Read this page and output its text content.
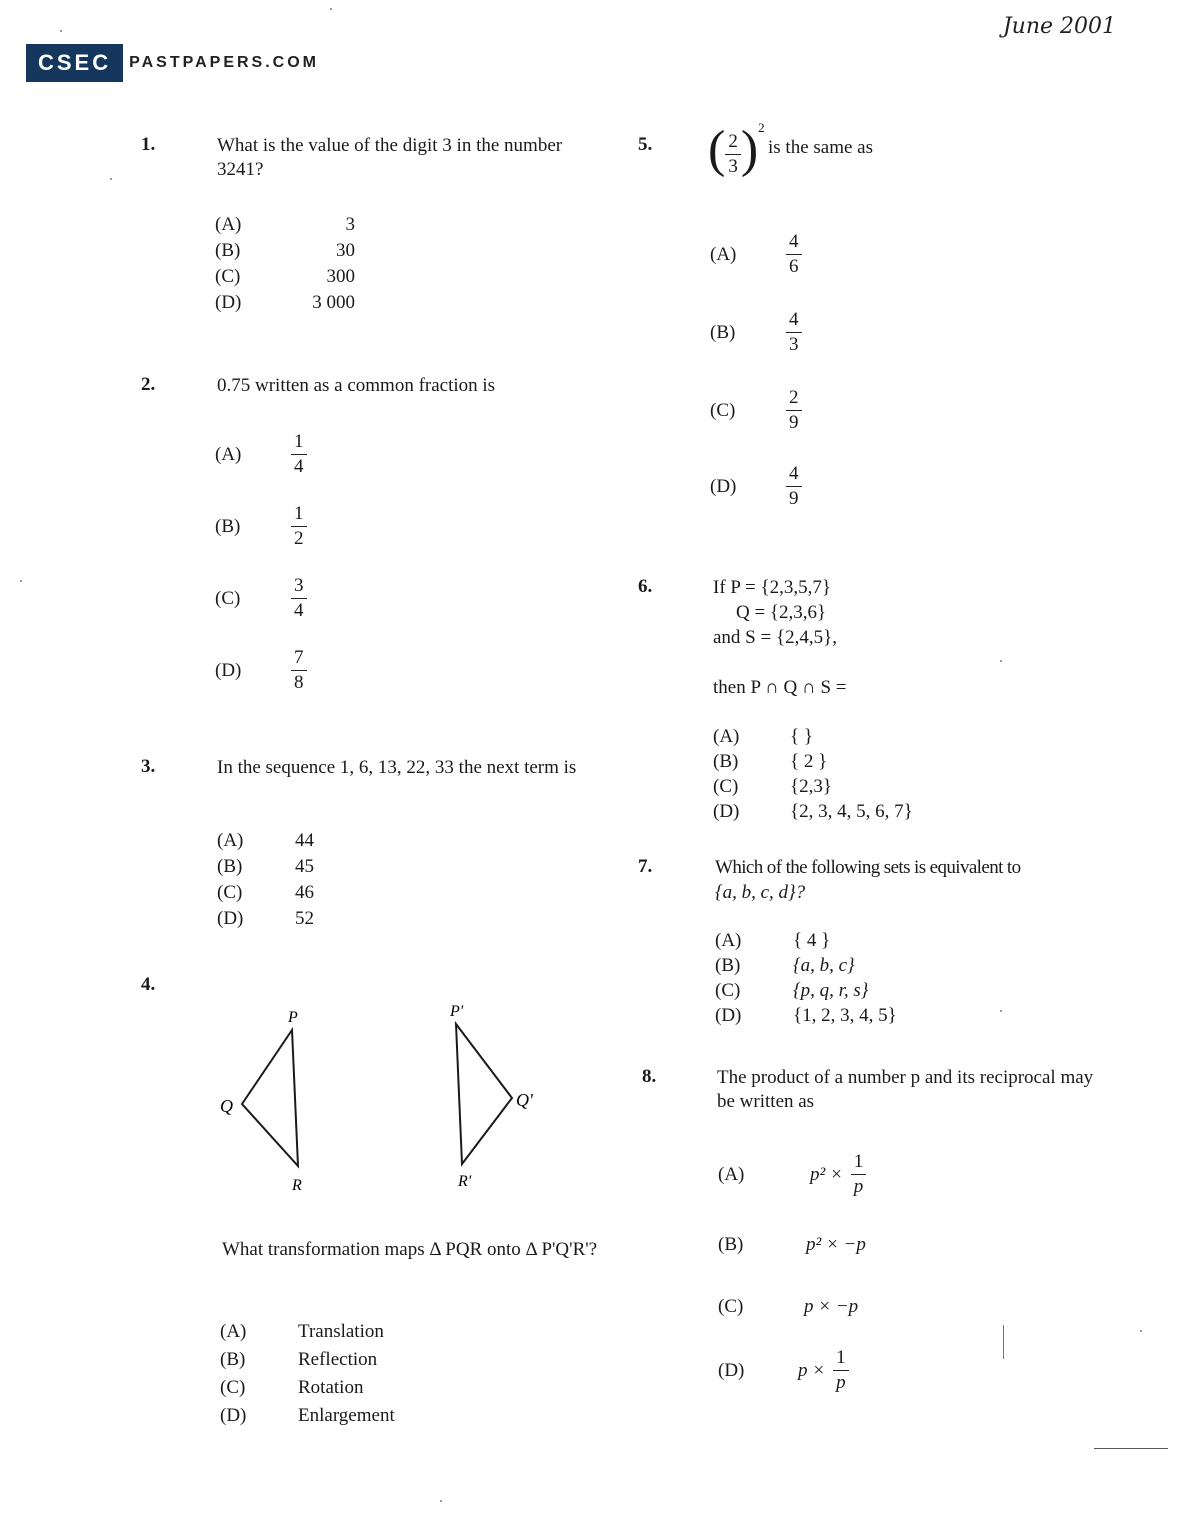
CSEC	PASTPAPERS.COM
June 2001
1.	What is the value of the digit 3 in the number 3241?
(A)	3
(B)	30
(C)	300
(D)	3 000
2.	0.75 written as a common fraction is
(A)	$\frac{1}{4}$
(B)	$\frac{1}{2}$
(C)	$\frac{3}{4}$
(D)	$\frac{7}{8}$
3.	In the sequence 1, 6, 13, 22, 33 the next term is
(A)	44
(B)	45
(C)	46
(D)	52
4.
P
Q
R
P'
Q'
R'
What transformation maps Δ PQR onto Δ P'Q'R'?
(A)	Translation
(B)	Reflection
(C)	Rotation
(D)	Enlargement
5. ( $\frac{2}{3}$ ) 2
is the same as
(A)	$\frac{4}{6}$
(B)	$\frac{4}{3}$
(C)	$\frac{2}{9}$
(D)	$\frac{4}{9}$
6.	If P = {2,3,5,7}
Q = {2,3,6}
and S = {2,4,5},
then P ∩ Q ∩ S =
(A)	{ }
(B)	{ 2 }
(C)	{2,3}
(D)	{2, 3, 4, 5, 6, 7}
7.	Which of the following sets is equivalent to
{a, b, c, d}?
(A)	{ 4 }
(B)	{a, b, c}
(C)	{p, q, r, s}
(D)	{1, 2, 3, 4, 5}
8.	The product of a number p and its reciprocal may be written as
(A)	$p^2 \times \frac{1}{p}$
(B)	p² × −p
(C)	p × −p
(D)	$p \times \frac{1}{p}$
